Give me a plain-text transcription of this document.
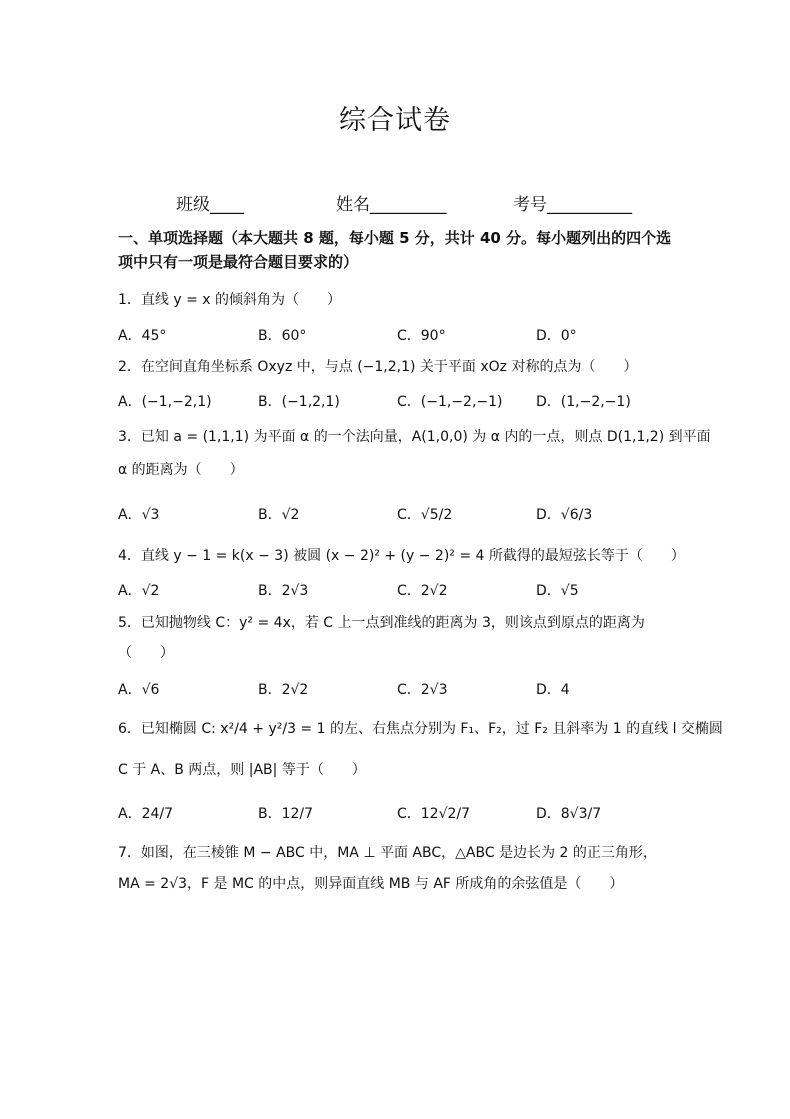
综合试卷
班级____	姓名_________	考号__________
一、单项选择题（本大题共 8 题，每小题 5 分，共计 40 分。每小题列出的四个选项中只有一项是最符合题目要求的）
1．直线 y = x 的倾斜角为（　　）
A．45°	B．60°	C．90°	D．0°
2．在空间直角坐标系 Oxyz 中，与点 (−1,2,1) 关于平面 xOz 对称的点为（　　）
A．(−1,−2,1)	B．(−1,2,1)	C．(−1,−2,−1) D．(1,−2,−1)
3．已知 a = (1,1,1) 为平面 α 的一个法向量，A(1,0,0) 为 α 内的一点，则点 D(1,1,2) 到平面
α 的距离为（　　）
A．√3	B．√2	C．√5/2	D．√6/3
4．直线 y − 1 = k(x − 3) 被圆 (x − 2)² + (y − 2)² = 4 所截得的最短弦长等于（　　）
A．√2	B．2√3	C．2√2	D．√5
5．已知抛物线 C：y² = 4x，若 C 上一点到准线的距离为 3，则该点到原点的距离为
（　　）
A．√6	B．2√2	C．2√3	D．4
6．已知椭圆 C: x²/4 + y²/3 = 1 的左、右焦点分别为 F₁、F₂，过 F₂ 且斜率为 1 的直线 l 交椭圆
C 于 A、B 两点，则 |AB| 等于（　　）
A．24/7	B．12/7	C．12√2/7	D．8√3/7
7．如图，在三棱锥 M − ABC 中，MA ⊥ 平面 ABC，△ABC 是边长为 2 的正三角形，
MA = 2√3，F 是 MC 的中点，则异面直线 MB 与 AF 所成角的余弦值是（　　）
